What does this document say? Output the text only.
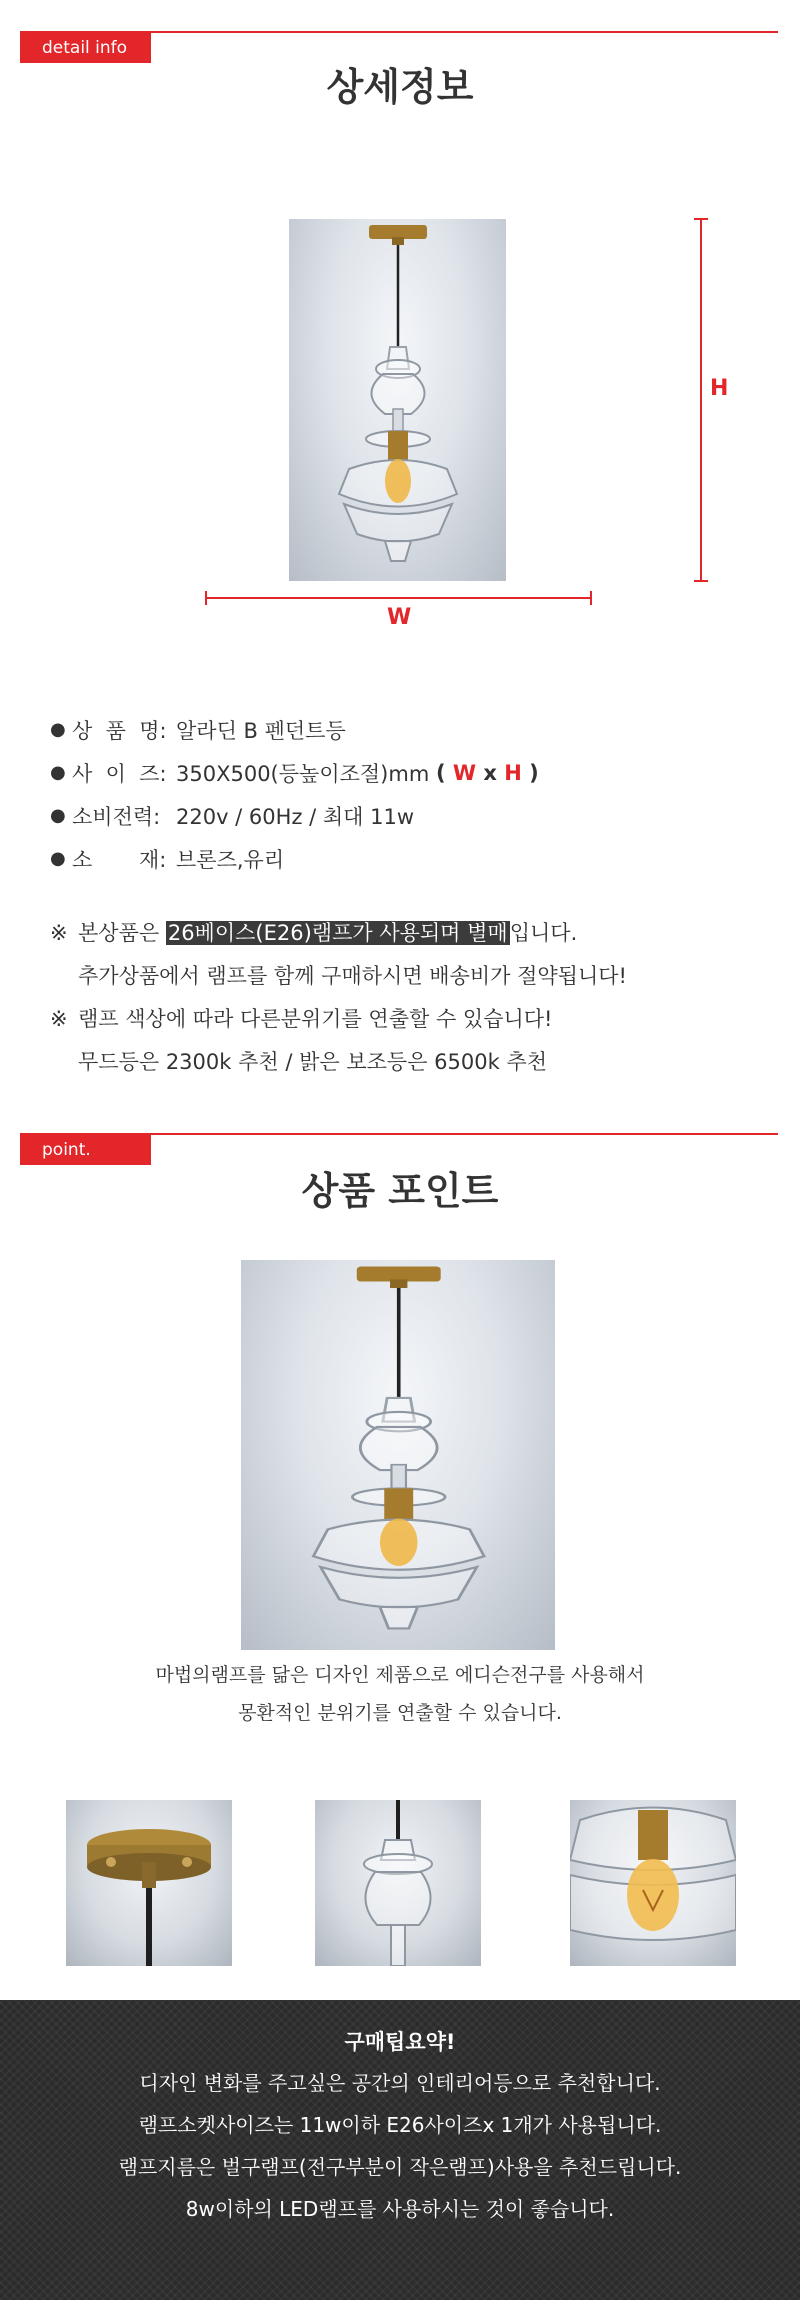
detail info
상세정보
H
W
● 상  품  명: 알라딘 B 펜던트등
● 사  이  즈: 350X500(등높이조절)mm ( W x H )
● 소비전력: 220v / 60Hz / 최대 11w
● 소       재: 브론즈,유리
※ 본상품은 26베이스(E26)램프가 사용되며 별매입니다.
추가상품에서 램프를 함께 구매하시면 배송비가 절약됩니다!
※ 램프 색상에 따라 다른분위기를 연출할 수 있습니다!
무드등은 2300k 추천 / 밝은 보조등은 6500k 추천
point.
상품 포인트
마법의램프를 닮은 디자인 제품으로 에디슨전구를 사용해서
몽환적인 분위기를 연출할 수 있습니다.
구매팁요약!
디자인 변화를 주고싶은 공간의 인테리어등으로 추천합니다.
램프소켓사이즈는 11w이하 E26사이즈x 1개가 사용됩니다.
램프지름은 벌구램프(전구부분이 작은램프)사용을 추천드립니다.
8w이하의 LED램프를 사용하시는 것이 좋습니다.
